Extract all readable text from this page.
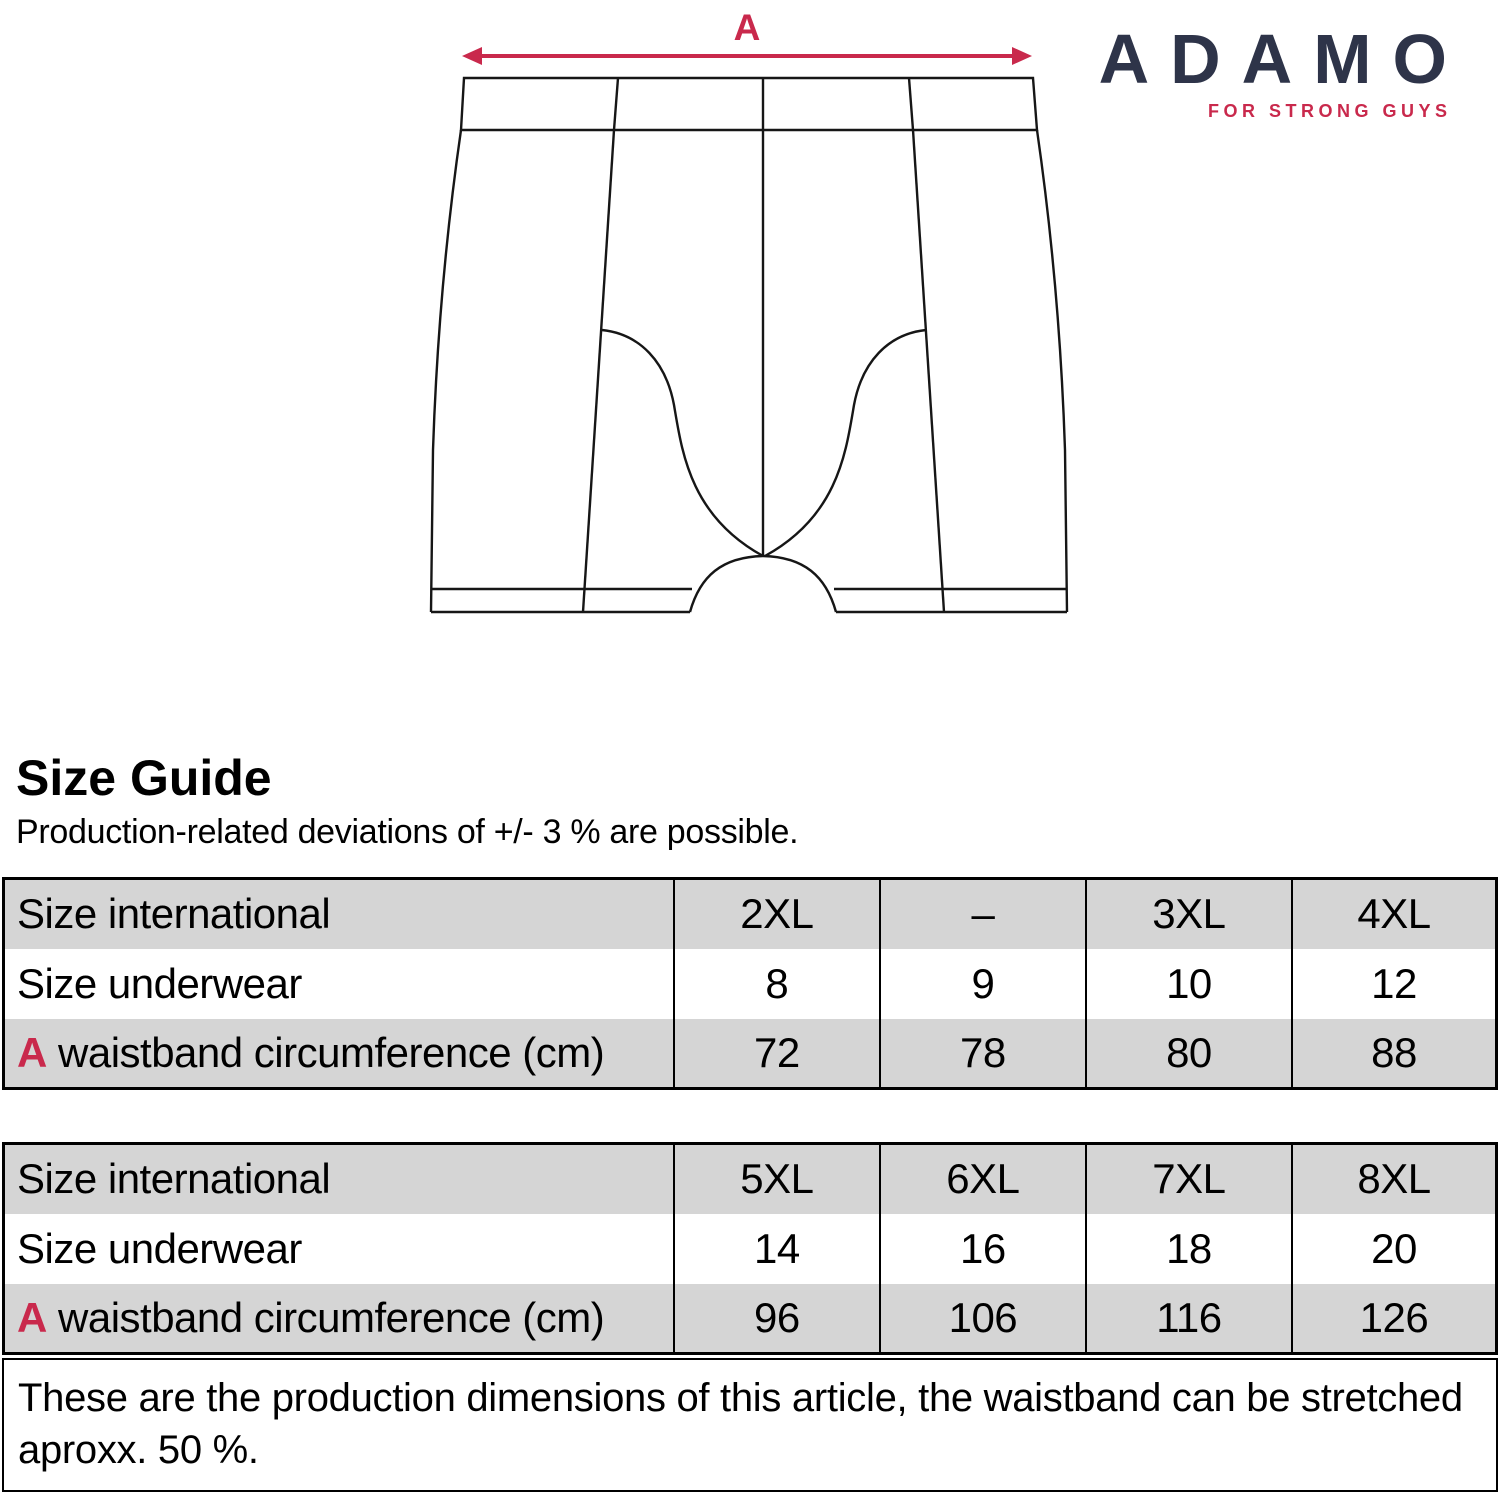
A	ADAMO
FOR STRONG GUYS
Size Guide
Production-related deviations of +/- 3 % are possible.
Size international	2XL	–	3XL	4XL
Size underwear	8	9	10	12
A waistband circumference (cm)	72	78	80	88
Size international	5XL	6XL	7XL	8XL
Size underwear	14	16	18	20
A waistband circumference (cm)	96	106	116	126
These are the production dimensions of this article, the waistband can be stretched aproxx. 50 %.
